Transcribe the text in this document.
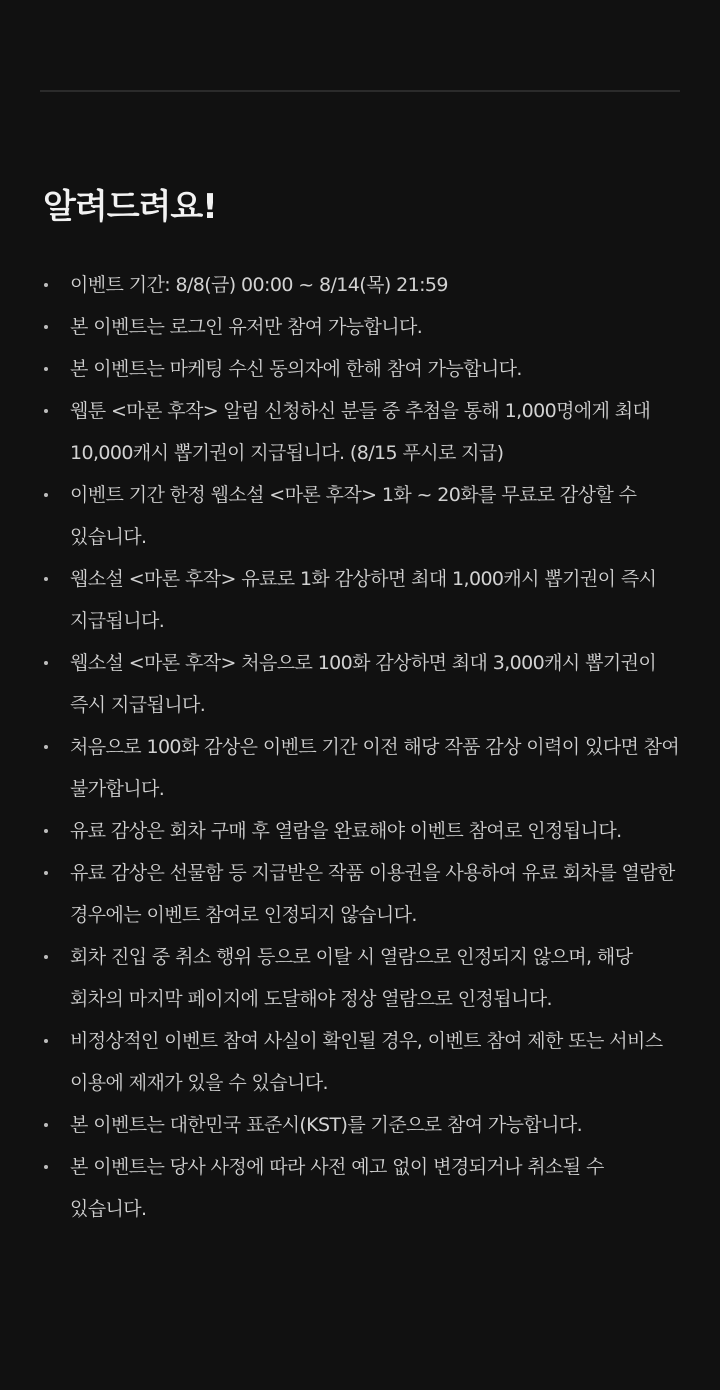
알려드려요!
이벤트 기간: 8/8(금) 00:00 ~ 8/14(목) 21:59
본 이벤트는 로그인 유저만 참여 가능합니다.
본 이벤트는 마케팅 수신 동의자에 한해 참여 가능합니다.
웹툰 <마론 후작> 알림 신청하신 분들 중 추첨을 통해 1,000명에게 최대 10,000캐시 뽑기권이 지급됩니다. (8/15 푸시로 지급)
이벤트 기간 한정 웹소설 <마론 후작> 1화 ~ 20화를 무료로 감상할 수 있습니다.
웹소설 <마론 후작> 유료로 1화 감상하면 최대 1,000캐시 뽑기권이 즉시 지급됩니다.
웹소설 <마론 후작> 처음으로 100화 감상하면 최대 3,000캐시 뽑기권이 즉시 지급됩니다.
처음으로 100화 감상은 이벤트 기간 이전 해당 작품 감상 이력이 있다면 참여 불가합니다.
유료 감상은 회차 구매 후 열람을 완료해야 이벤트 참여로 인정됩니다.
유료 감상은 선물함 등 지급받은 작품 이용권을 사용하여 유료 회차를 열람한 경우에는 이벤트 참여로 인정되지 않습니다.
회차 진입 중 취소 행위 등으로 이탈 시 열람으로 인정되지 않으며, 해당 회차의 마지막 페이지에 도달해야 정상 열람으로 인정됩니다.
비정상적인 이벤트 참여 사실이 확인될 경우, 이벤트 참여 제한 또는 서비스 이용에 제재가 있을 수 있습니다.
본 이벤트는 대한민국 표준시(KST)를 기준으로 참여 가능합니다.
본 이벤트는 당사 사정에 따라 사전 예고 없이 변경되거나 취소될 수 있습니다.
